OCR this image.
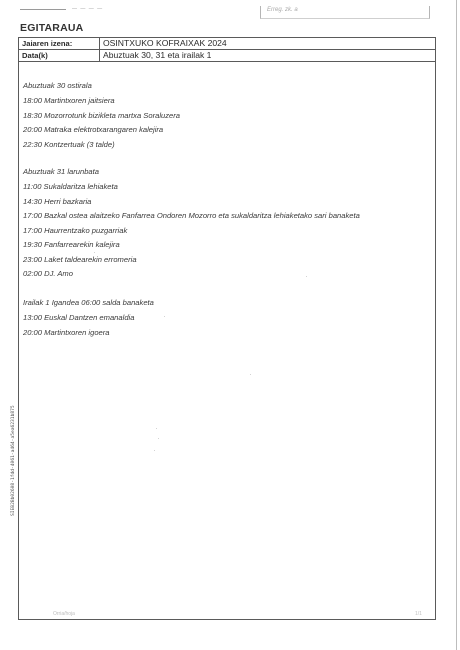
— — — —	Erreg. zk. a
EGITARAUA
Jaiaren izena:	OSINTXUKO KOFRAIXAK 2024
Data(k)	Abuztuak 30, 31 eta irailak 1
Abuztuak 30 ostirala
18:00 Martintxoren jaitsiera
18:30 Mozorrotunk bizikleta martxa Soraluzera
20:00 Matraka elektrotxarangaren kalejira
22:30 Kontzertuak (3 talde)
Abuztuak 31 larunbata
11:00 Sukaldaritza lehiaketa
14:30 Herri bazkaria
17:00 Bazkal ostea alaitzeko Fanfarrea Ondoren Mozorro eta sukaldaritza lehiaketako sari banaketa
17:00 Haurrentzako puzgarriak
19:30 Fanfarrearekin kalejira
23:00 Laket taldearekin erromeria
02:00 DJ. Amo
Irailak 1 Igandea 06:00 salda banaketa
13:00 Euskal Dantzen emanaldia
20:00 Martintxoren igoera
Orria/hoja	1/1
SIEB2Bb02608-1fdd-4061-a464-a5ea6231b875
